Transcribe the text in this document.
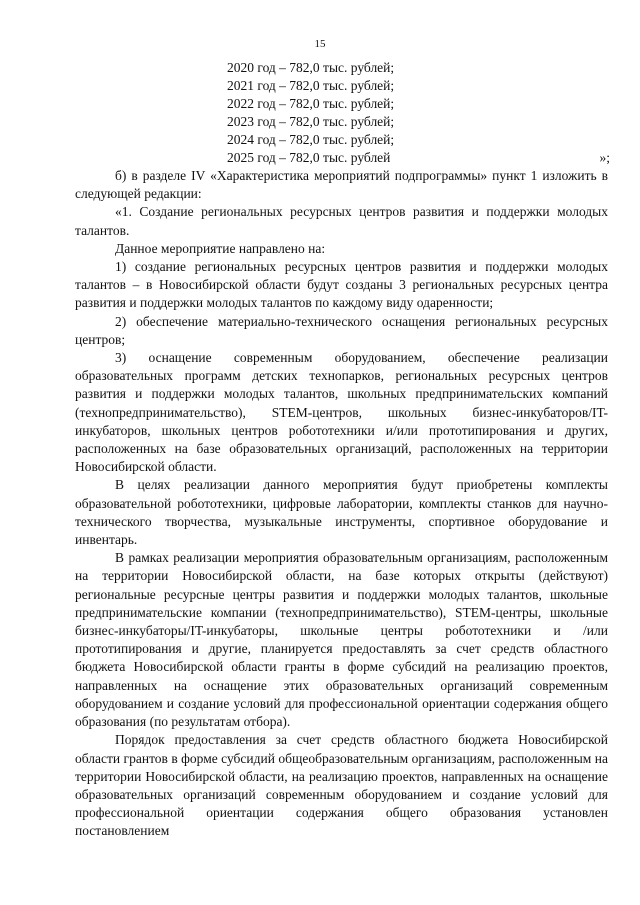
15
2020 год – 782,0 тыс. рублей;
2021 год – 782,0 тыс. рублей;
2022 год – 782,0 тыс. рублей;
2023 год – 782,0 тыс. рублей;
2024 год – 782,0 тыс. рублей;
2025 год – 782,0 тыс. рублей	»;

б) в разделе IV «Характеристика мероприятий подпрограммы» пункт 1 изложить в следующей редакции:

«1. Создание региональных ресурсных центров развития и поддержки молодых талантов.

Данное мероприятие направлено на:

1) создание региональных ресурсных центров развития и поддержки молодых талантов – в Новосибирской области будут созданы 3 региональных ресурсных центра развития и поддержки молодых талантов по каждому виду одаренности;

2) обеспечение материально-технического оснащения региональных ресурсных центров;

3) оснащение современным оборудованием, обеспечение реализации образовательных программ детских технопарков, региональных ресурсных центров развития и поддержки молодых талантов, школьных предпринимательских компаний (технопредпринимательство), STEM-центров, школьных бизнес-инкубаторов/IT-инкубаторов, школьных центров робототехники и/или прототипирования и других, расположенных на базе образовательных организаций, расположенных на территории Новосибирской области.

В целях реализации данного мероприятия будут приобретены комплекты образовательной робототехники, цифровые лаборатории, комплекты станков для научно-технического творчества, музыкальные инструменты, спортивное оборудование и инвентарь.

В рамках реализации мероприятия образовательным организациям, расположенным на территории Новосибирской области, на базе которых открыты (действуют) региональные ресурсные центры развития и поддержки молодых талантов, школьные предпринимательские компании (технопредпринимательство), STEM-центры, школьные бизнес-инкубаторы/IT-инкубаторы, школьные центры робототехники и /или прототипирования и другие, планируется предоставлять за счет средств областного бюджета Новосибирской области гранты в форме субсидий на реализацию проектов, направленных на оснащение этих образовательных организаций современным оборудованием и создание условий для профессиональной ориентации содержания общего образования (по результатам отбора).

Порядок предоставления за счет средств областного бюджета Новосибирской области грантов в форме субсидий общеобразовательным организациям, расположенным на территории Новосибирской области, на реализацию проектов, направленных на оснащение образовательных организаций современным оборудованием и создание условий для профессиональной ориентации содержания общего образования установлен постановлением
